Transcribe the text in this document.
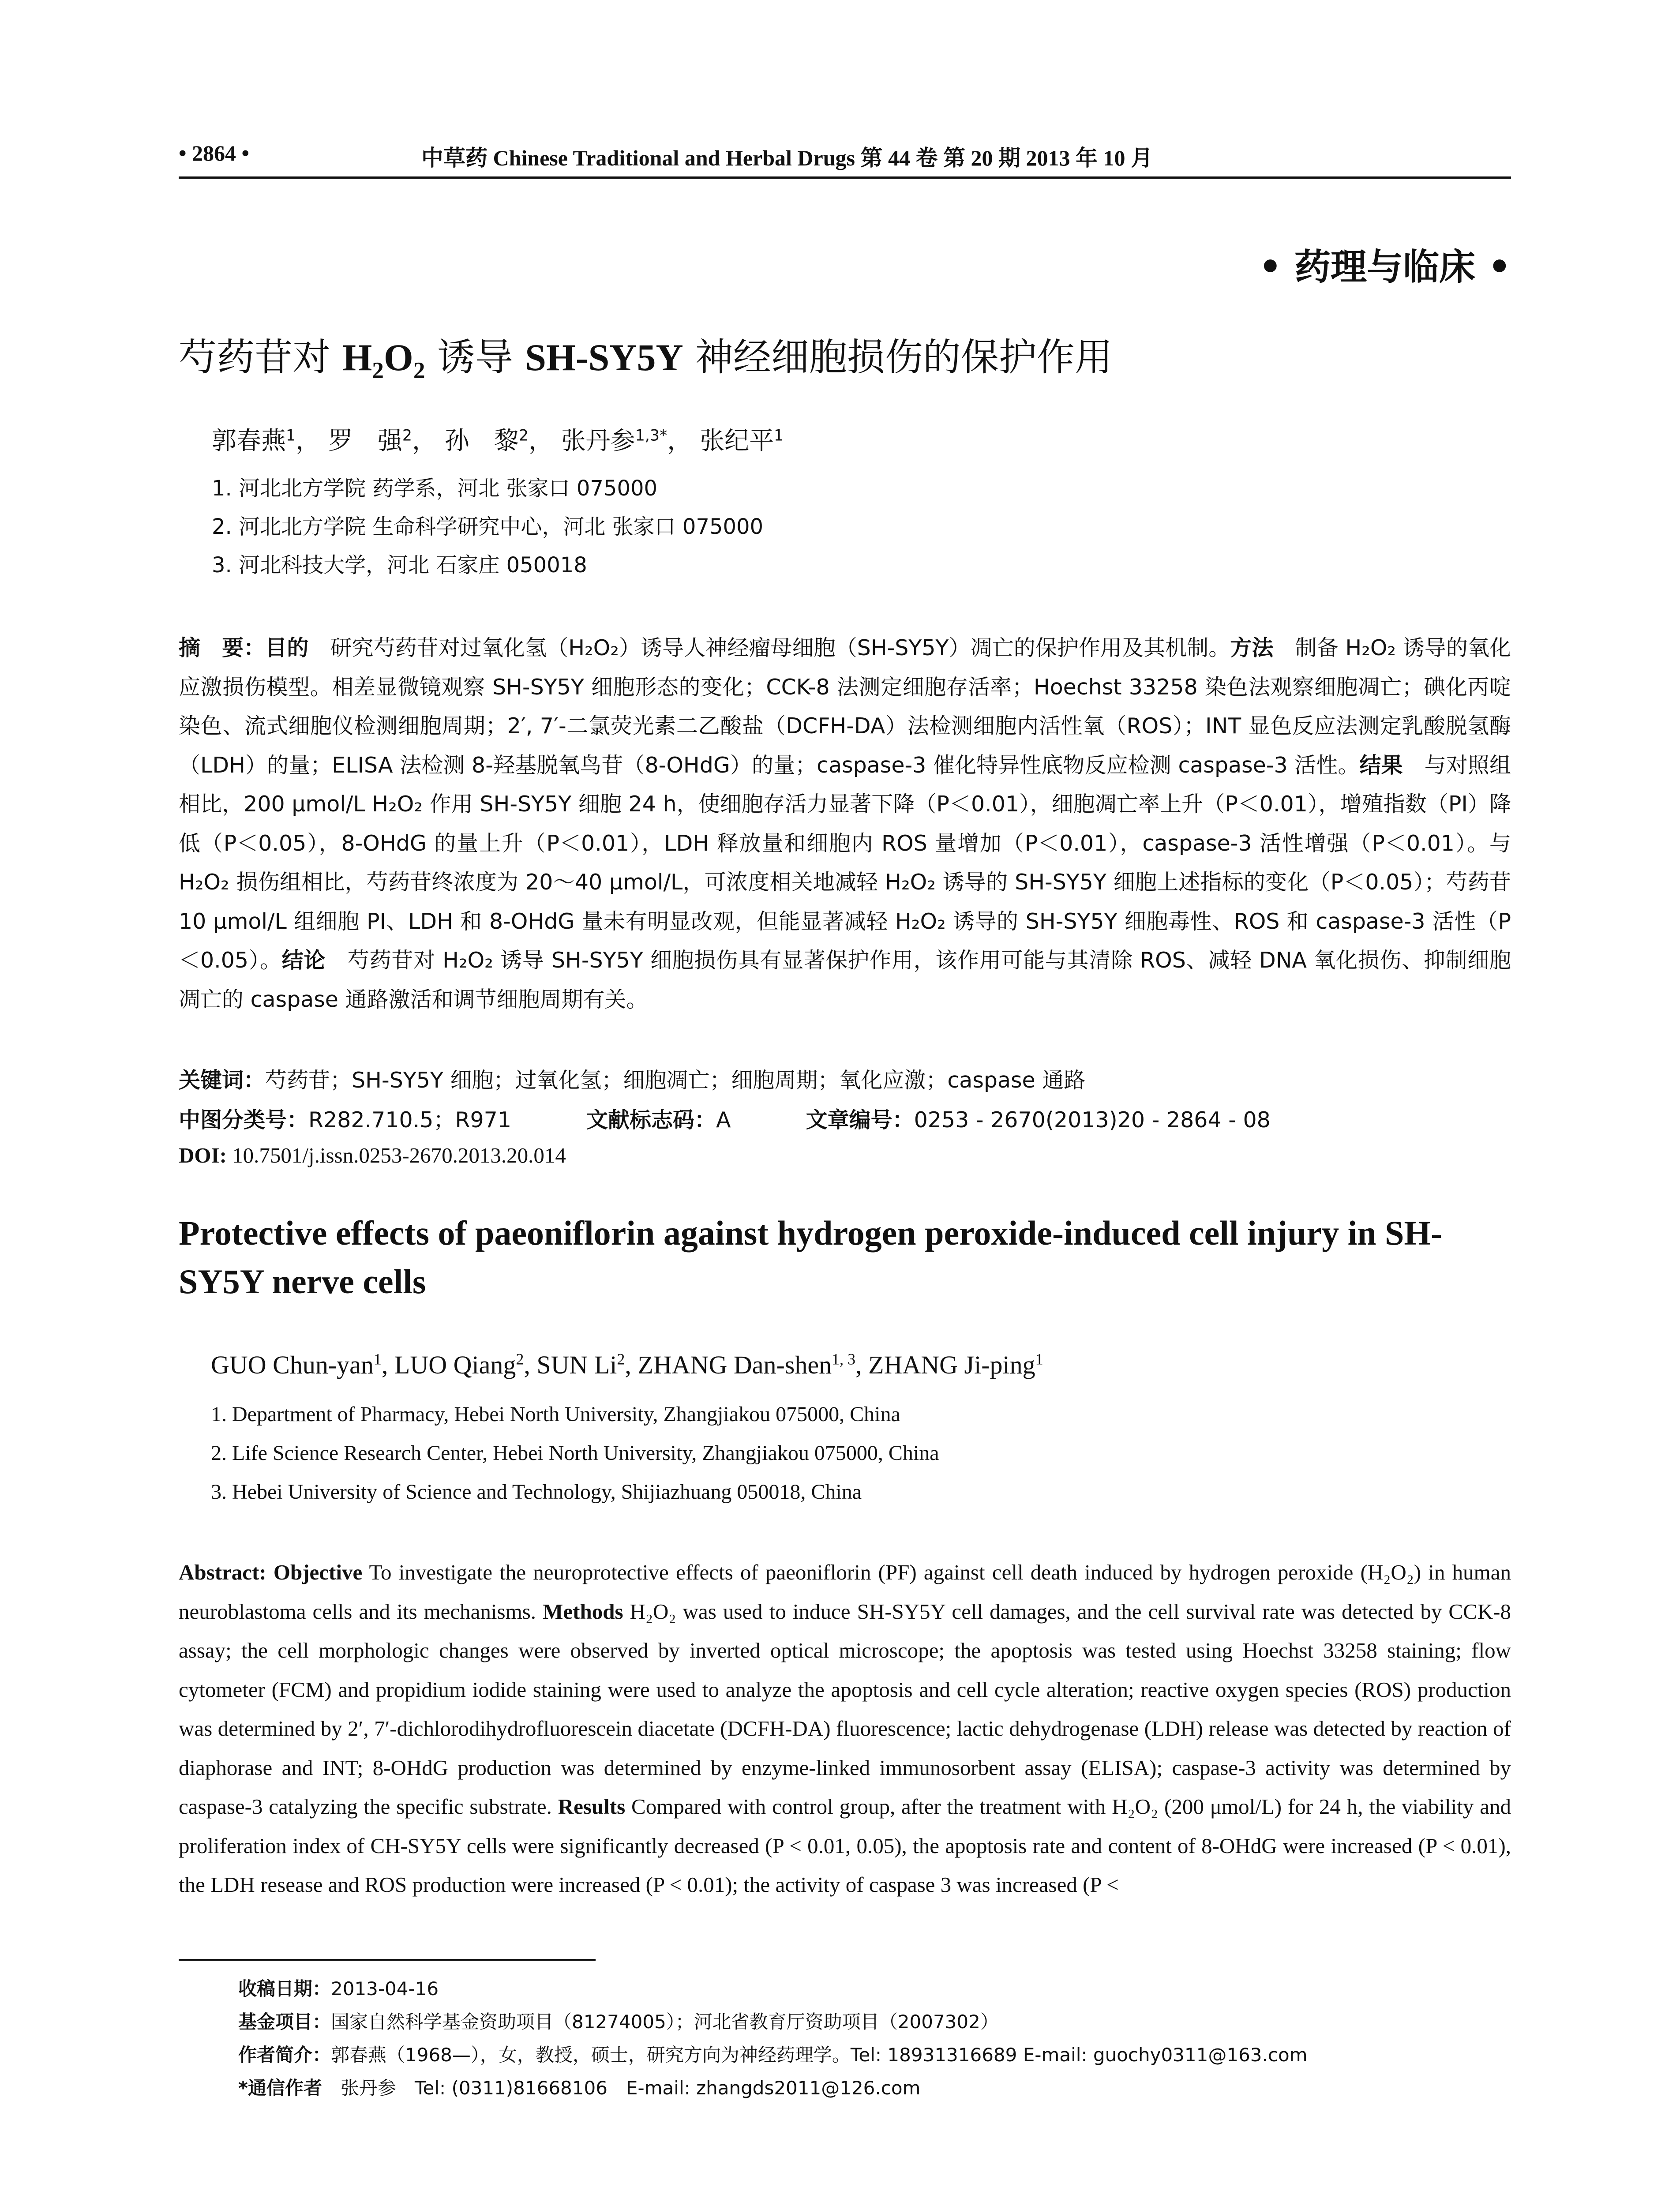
• 2864 •	中草药 Chinese Traditional and Herbal Drugs 第 44 卷 第 20 期 2013 年 10 月
• 药理与临床 •
芍药苷对 $H_2O_2$ 诱导 SH-SY5Y 神经细胞损伤的保护作用
郭春燕$^1$， 罗　强$^2$， 孙　黎$^2$， 张丹参$^{1,3*}$， 张纪平$^1$
1. 河北北方学院 药学系，河北 张家口 075000
2. 河北北方学院 生命科学研究中心，河北 张家口 075000
3. 河北科技大学，河北 石家庄 050018
摘　要：目的　研究芍药苷对过氧化氢（H₂O₂）诱导人神经瘤母细胞（SH-SY5Y）凋亡的保护作用及其机制。方法　制备 H₂O₂ 诱导的氧化应激损伤模型。相差显微镜观察 SH-SY5Y 细胞形态的变化；CCK-8 法测定细胞存活率；Hoechst 33258 染色法观察细胞凋亡；碘化丙啶染色、流式细胞仪检测细胞周期；2′, 7′-二氯荧光素二乙酸盐（DCFH-DA）法检测细胞内活性氧（ROS）；INT 显色反应法测定乳酸脱氢酶（LDH）的量；ELISA 法检测 8-羟基脱氧鸟苷（8-OHdG）的量；caspase-3 催化特异性底物反应检测 caspase-3 活性。结果　与对照组相比，200 μmol/L H₂O₂ 作用 SH-SY5Y 细胞 24 h，使细胞存活力显著下降（P＜0.01），细胞凋亡率上升（P＜0.01），增殖指数（PI）降低（P＜0.05），8-OHdG 的量上升（P＜0.01），LDH 释放量和细胞内 ROS 量增加（P＜0.01），caspase-3 活性增强（P＜0.01）。与 H₂O₂ 损伤组相比，芍药苷终浓度为 20～40 μmol/L，可浓度相关地减轻 H₂O₂ 诱导的 SH-SY5Y 细胞上述指标的变化（P＜0.05）；芍药苷 10 μmol/L 组细胞 PI、LDH 和 8-OHdG 量未有明显改观，但能显著减轻 H₂O₂ 诱导的 SH-SY5Y 细胞毒性、ROS 和 caspase-3 活性（P＜0.05）。结论　芍药苷对 H₂O₂ 诱导 SH-SY5Y 细胞损伤具有显著保护作用，该作用可能与其清除 ROS、减轻 DNA 氧化损伤、抑制细胞凋亡的 caspase 通路激活和调节细胞周期有关。
关键词：芍药苷；SH-SY5Y 细胞；过氧化氢；细胞凋亡；细胞周期；氧化应激；caspase 通路
中图分类号：R282.710.5；R971	文献标志码：A	文章编号：0253 - 2670(2013)20 - 2864 - 08
DOI: 10.7501/j.issn.0253-2670.2013.20.014
Protective effects of paeoniflorin against hydrogen peroxide-induced cell injury in SH-SY5Y nerve cells
GUO Chun-yan$^1$, LUO Qiang$^2$, SUN Li$^2$, ZHANG Dan-shen$^{1, 3}$, ZHANG Ji-ping$^1$
1. Department of Pharmacy, Hebei North University, Zhangjiakou 075000, China
2. Life Science Research Center, Hebei North University, Zhangjiakou 075000, China
3. Hebei University of Science and Technology, Shijiazhuang 050018, China
Abstract: Objective To investigate the neuroprotective effects of paeoniflorin (PF) against cell death induced by hydrogen peroxide (H₂O₂) in human neuroblastoma cells and its mechanisms. Methods H₂O₂ was used to induce SH-SY5Y cell damages, and the cell survival rate was detected by CCK-8 assay; the cell morphologic changes were observed by inverted optical microscope; the apoptosis was tested using Hoechst 33258 staining; flow cytometer (FCM) and propidium iodide staining were used to analyze the apoptosis and cell cycle alteration; reactive oxygen species (ROS) production was determined by 2′, 7′-dichlorodihydrofluorescein diacetate (DCFH-DA) fluorescence; lactic dehydrogenase (LDH) release was detected by reaction of diaphorase and INT; 8-OHdG production was determined by enzyme-linked immunosorbent assay (ELISA); caspase-3 activity was determined by caspase-3 catalyzing the specific substrate. Results Compared with control group, after the treatment with H₂O₂ (200 μmol/L) for 24 h, the viability and proliferation index of CH-SY5Y cells were significantly decreased (P < 0.01, 0.05), the apoptosis rate and content of 8-OHdG were increased (P < 0.01), the LDH resease and ROS production were increased (P < 0.01); the activity of caspase 3 was increased (P <
收稿日期：2013-04-16
基金项目：国家自然科学基金资助项目（81274005）；河北省教育厅资助项目（2007302）
作者简介：郭春燕（1968—），女，教授，硕士，研究方向为神经药理学。Tel: 18931316689 E-mail: guochy0311@163.com
*通信作者　张丹参　Tel: (0311)81668106　E-mail: zhangds2011@126.com
